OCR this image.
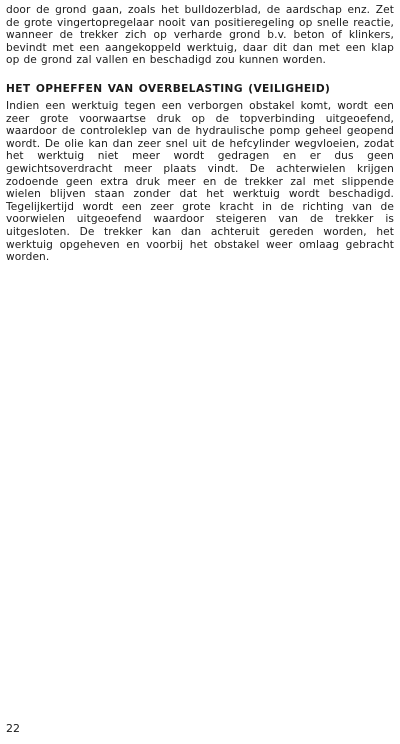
door de grond gaan, zoals het bulldozerblad, de aardschap enz. Zet de grote vingertopregelaar nooit van positieregeling op snelle reactie, wanneer de trekker zich op verharde grond b.v. beton of klinkers, bevindt met een aangekoppeld werktuig, daar dit dan met een klap op de grond zal vallen en beschadigd zou kunnen worden.

HET OPHEFFEN VAN OVERBELASTING (VEILIGHEID)

Indien een werktuig tegen een verborgen obstakel komt, wordt een zeer grote voorwaartse druk op de topverbinding uitgeoefend, waardoor de controleklep van de hydraulische pomp geheel geopend wordt. De olie kan dan zeer snel uit de hefcylinder wegvloeien, zodat het werktuig niet meer wordt gedragen en er dus geen gewichtsoverdracht meer plaats vindt. De achterwielen krijgen zodoende geen extra druk meer en de trekker zal met slippende wielen blijven staan zonder dat het werktuig wordt beschadigd. Tegelijkertijd wordt een zeer grote kracht in de richting van de voorwielen uitgeoefend waardoor steigeren van de trekker is uitgesloten. De trekker kan dan achteruit gereden worden, het werktuig opgeheven en voorbij het obstakel weer omlaag gebracht worden.

22
